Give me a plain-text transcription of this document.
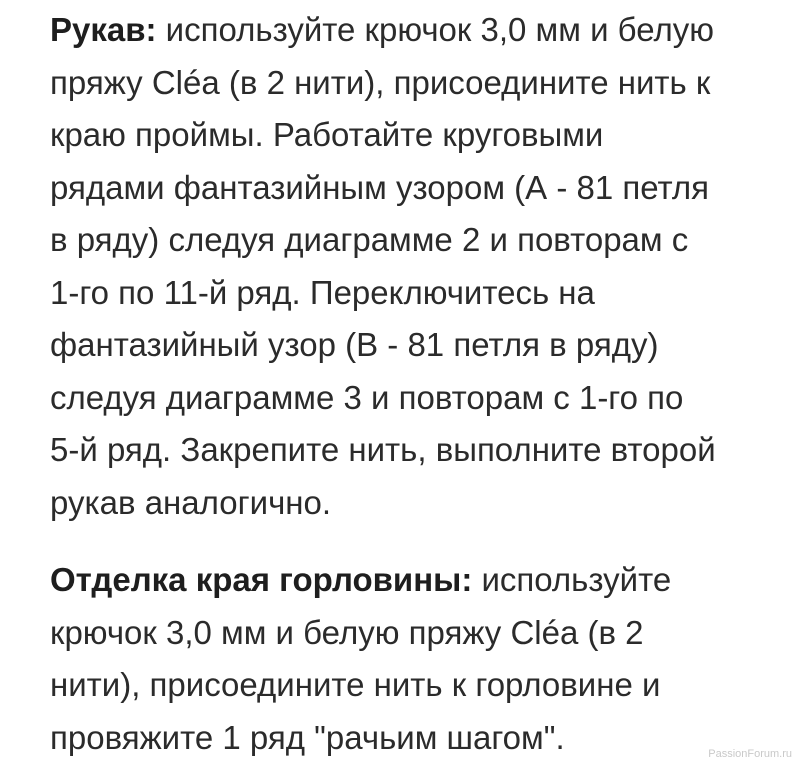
Рукав: используйте крючок 3,0 мм и белую
пряжу Cléa (в 2 нити), присоедините нить к
краю проймы. Работайте круговыми
рядами фантазийным узором (А - 81 петля
в ряду) следуя диаграмме 2 и повторам с
1-го по 11-й ряд. Переключитесь на
фантазийный узор (В - 81 петля в ряду)
следуя диаграмме 3 и повторам с 1-го по
5-й ряд. Закрепите нить, выполните второй
рукав аналогично.

Отделка края горловины: используйте
крючок 3,0 мм и белую пряжу Cléa (в 2
нити), присоедините нить к горловине и
провяжите 1 ряд "рачьим шагом".	PassionForum.ru
